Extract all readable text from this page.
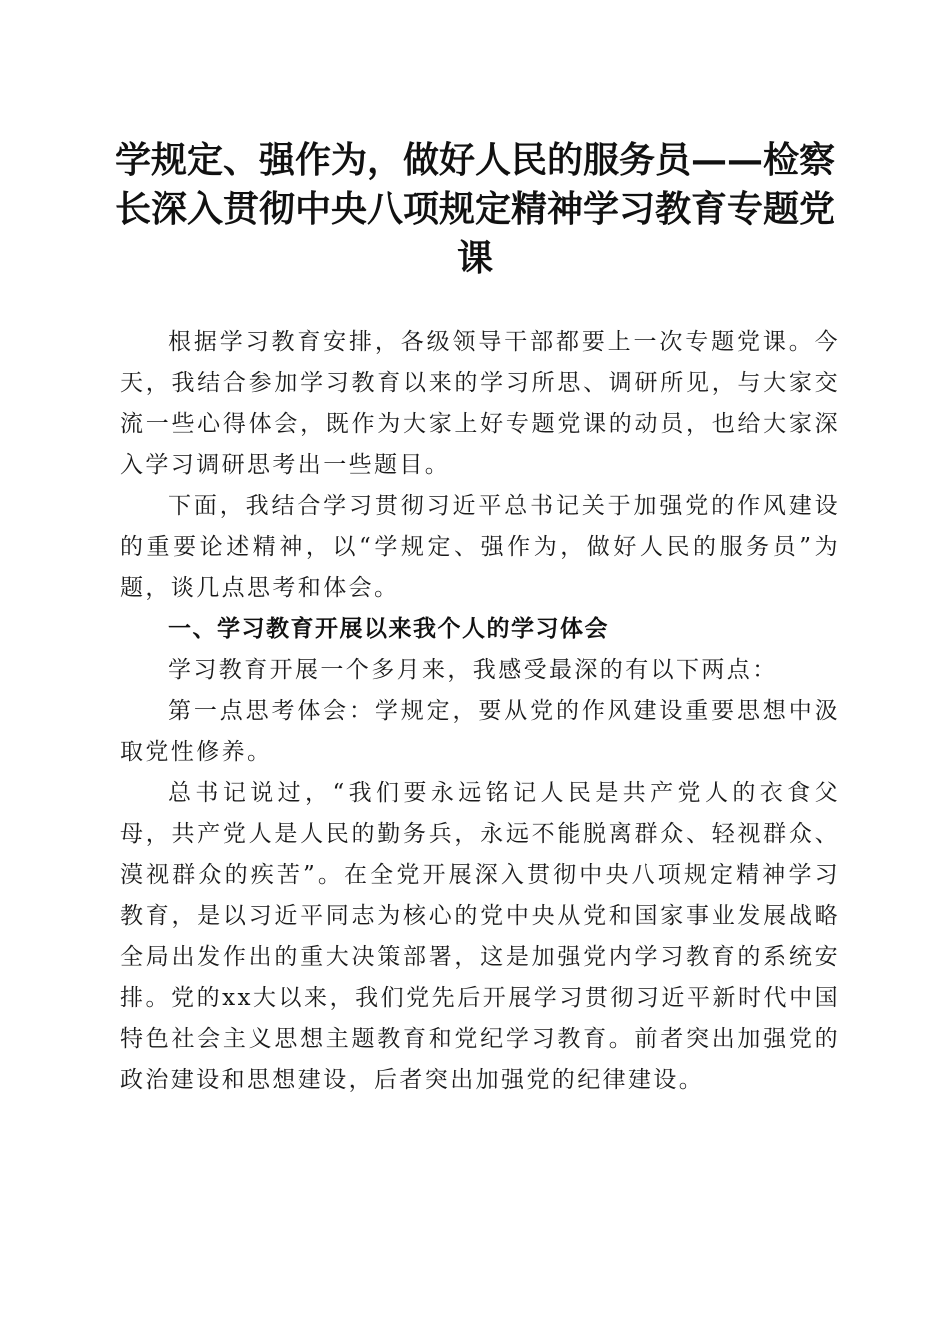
学规定、强作为，做好人民的服务员——检察长深入贯彻中央八项规定精神学习教育专题党课

根据学习教育安排，各级领导干部都要上一次专题党课。今天，我结合参加学习教育以来的学习所思、调研所见，与大家交流一些心得体会，既作为大家上好专题党课的动员，也给大家深入学习调研思考出一些题目。

下面，我结合学习贯彻习近平总书记关于加强党的作风建设的重要论述精神，以“学规定、强作为，做好人民的服务员”为题，谈几点思考和体会。

一、学习教育开展以来我个人的学习体会

学习教育开展一个多月来，我感受最深的有以下两点：

第一点思考体会：学规定，要从党的作风建设重要思想中汲取党性修养。

总书记说过，“我们要永远铭记人民是共产党人的衣食父母，共产党人是人民的勤务兵，永远不能脱离群众、轻视群众、漠视群众的疾苦”。在全党开展深入贯彻中央八项规定精神学习教育，是以习近平同志为核心的党中央从党和国家事业发展战略全局出发作出的重大决策部署，这是加强党内学习教育的系统安排。党的xx大以来，我们党先后开展学习贯彻习近平新时代中国特色社会主义思想主题教育和党纪学习教育。前者突出加强党的政治建设和思想建设，后者突出加强党的纪律建设。
